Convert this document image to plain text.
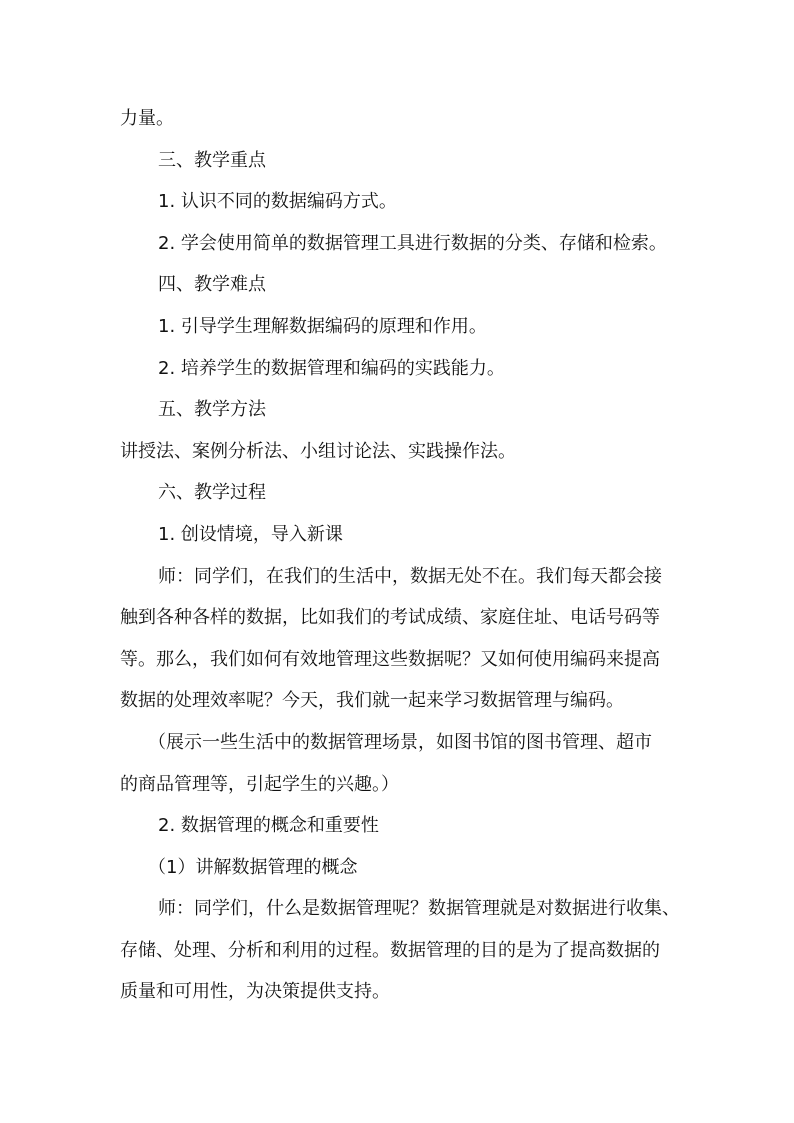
力量。
三、教学重点
1. 认识不同的数据编码方式。
2. 学会使用简单的数据管理工具进行数据的分类、存储和检索。
四、教学难点
1. 引导学生理解数据编码的原理和作用。
2. 培养学生的数据管理和编码的实践能力。
五、教学方法
讲授法、案例分析法、小组讨论法、实践操作法。
六、教学过程
1. 创设情境，导入新课
师：同学们，在我们的生活中，数据无处不在。我们每天都会接
触到各种各样的数据，比如我们的考试成绩、家庭住址、电话号码等
等。那么，我们如何有效地管理这些数据呢？又如何使用编码来提高
数据的处理效率呢？今天，我们就一起来学习数据管理与编码。
（展示一些生活中的数据管理场景，如图书馆的图书管理、超市
的商品管理等，引起学生的兴趣。）
2. 数据管理的概念和重要性
（1）讲解数据管理的概念
师：同学们，什么是数据管理呢？数据管理就是对数据进行收集、
存储、处理、分析和利用的过程。数据管理的目的是为了提高数据的
质量和可用性，为决策提供支持。
